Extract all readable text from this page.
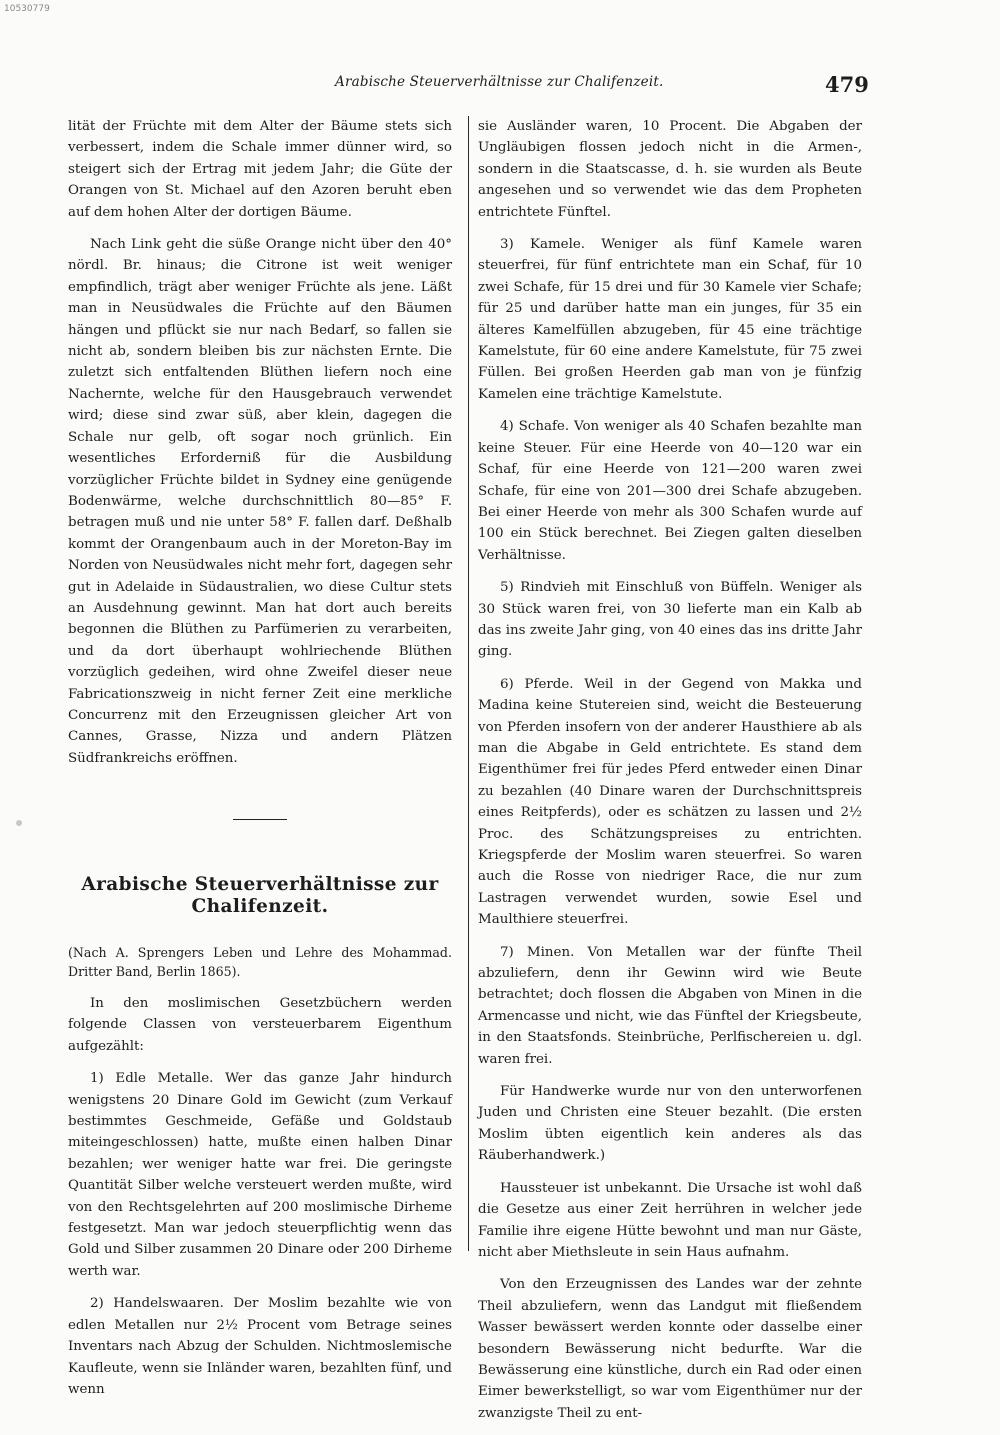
10530779
Arabische Steuerverhältnisse zur Chalifenzeit.	479

lität der Früchte mit dem Alter der Bäume stets sich verbessert, indem die Schale immer dünner wird, so steigert sich der Ertrag mit jedem Jahr; die Güte der Orangen von St. Michael auf den Azoren beruht eben auf dem hohen Alter der dortigen Bäume.

Nach Link geht die süße Orange nicht über den 40° nördl. Br. hinaus; die Citrone ist weit weniger empfindlich, trägt aber weniger Früchte als jene. Läßt man in Neusüdwales die Früchte auf den Bäumen hängen und pflückt sie nur nach Bedarf, so fallen sie nicht ab, sondern bleiben bis zur nächsten Ernte. Die zuletzt sich entfaltenden Blüthen liefern noch eine Nachernte, welche für den Hausgebrauch verwendet wird; diese sind zwar süß, aber klein, dagegen die Schale nur gelb, oft sogar noch grünlich. Ein wesentliches Erforderniß für die Ausbildung vorzüglicher Früchte bildet in Sydney eine genügende Bodenwärme, welche durchschnittlich 80—85° F. betragen muß und nie unter 58° F. fallen darf. Deßhalb kommt der Orangenbaum auch in der Moreton-Bay im Norden von Neusüdwales nicht mehr fort, dagegen sehr gut in Adelaide in Südaustralien, wo diese Cultur stets an Ausdehnung gewinnt. Man hat dort auch bereits begonnen die Blüthen zu Parfümerien zu verarbeiten, und da dort überhaupt wohlriechende Blüthen vorzüglich gedeihen, wird ohne Zweifel dieser neue Fabricationszweig in nicht ferner Zeit eine merkliche Concurrenz mit den Erzeugnissen gleicher Art von Cannes, Grasse, Nizza und andern Plätzen Südfrankreichs eröffnen.

Arabische Steuerverhältnisse zur Chalifenzeit.

(Nach A. Sprengers Leben und Lehre des Mohammad. Dritter Band, Berlin 1865).

In den moslimischen Gesetzbüchern werden folgende Classen von versteuerbarem Eigenthum aufgezählt:

1) Edle Metalle. Wer das ganze Jahr hindurch wenigstens 20 Dinare Gold im Gewicht (zum Verkauf bestimmtes Geschmeide, Gefäße und Goldstaub miteingeschlossen) hatte, mußte einen halben Dinar bezahlen; wer weniger hatte war frei. Die geringste Quantität Silber welche versteuert werden mußte, wird von den Rechtsgelehrten auf 200 moslimische Dirheme festgesetzt. Man war jedoch steuerpflichtig wenn das Gold und Silber zusammen 20 Dinare oder 200 Dirheme werth war.

2) Handelswaaren. Der Moslim bezahlte wie von edlen Metallen nur 2½ Procent vom Betrage seines Inventars nach Abzug der Schulden. Nichtmoslemische Kaufleute, wenn sie Inländer waren, bezahlten fünf, und wenn

sie Ausländer waren, 10 Procent. Die Abgaben der Ungläubigen flossen jedoch nicht in die Armen-, sondern in die Staatscasse, d. h. sie wurden als Beute angesehen und so verwendet wie das dem Propheten entrichtete Fünftel.

3) Kamele. Weniger als fünf Kamele waren steuerfrei, für fünf entrichtete man ein Schaf, für 10 zwei Schafe, für 15 drei und für 30 Kamele vier Schafe; für 25 und darüber hatte man ein junges, für 35 ein älteres Kamelfüllen abzugeben, für 45 eine trächtige Kamelstute, für 60 eine andere Kamelstute, für 75 zwei Füllen. Bei großen Heerden gab man von je fünfzig Kamelen eine trächtige Kamelstute.

4) Schafe. Von weniger als 40 Schafen bezahlte man keine Steuer. Für eine Heerde von 40—120 war ein Schaf, für eine Heerde von 121—200 waren zwei Schafe, für eine von 201—300 drei Schafe abzugeben. Bei einer Heerde von mehr als 300 Schafen wurde auf 100 ein Stück berechnet. Bei Ziegen galten dieselben Verhältnisse.

5) Rindvieh mit Einschluß von Büffeln. Weniger als 30 Stück waren frei, von 30 lieferte man ein Kalb ab das ins zweite Jahr ging, von 40 eines das ins dritte Jahr ging.

6) Pferde. Weil in der Gegend von Makka und Madina keine Stutereien sind, weicht die Besteuerung von Pferden insofern von der anderer Hausthiere ab als man die Abgabe in Geld entrichtete. Es stand dem Eigenthümer frei für jedes Pferd entweder einen Dinar zu bezahlen (40 Dinare waren der Durchschnittspreis eines Reitpferds), oder es schätzen zu lassen und 2½ Proc. des Schätzungspreises zu entrichten. Kriegspferde der Moslim waren steuerfrei. So waren auch die Rosse von niedriger Race, die nur zum Lastragen verwendet wurden, sowie Esel und Maulthiere steuerfrei.

7) Minen. Von Metallen war der fünfte Theil abzuliefern, denn ihr Gewinn wird wie Beute betrachtet; doch flossen die Abgaben von Minen in die Armencasse und nicht, wie das Fünftel der Kriegsbeute, in den Staatsfonds. Steinbrüche, Perlfischereien u. dgl. waren frei.

Für Handwerke wurde nur von den unterworfenen Juden und Christen eine Steuer bezahlt. (Die ersten Moslim übten eigentlich kein anderes als das Räuberhandwerk.)

Haussteuer ist unbekannt. Die Ursache ist wohl daß die Gesetze aus einer Zeit herrühren in welcher jede Familie ihre eigene Hütte bewohnt und man nur Gäste, nicht aber Miethsleute in sein Haus aufnahm.

Von den Erzeugnissen des Landes war der zehnte Theil abzuliefern, wenn das Landgut mit fließendem Wasser bewässert werden konnte oder dasselbe einer besondern Bewässerung nicht bedurfte. War die Bewässerung eine künstliche, durch ein Rad oder einen Eimer bewerkstelligt, so war vom Eigenthümer nur der zwanzigste Theil zu ent-
